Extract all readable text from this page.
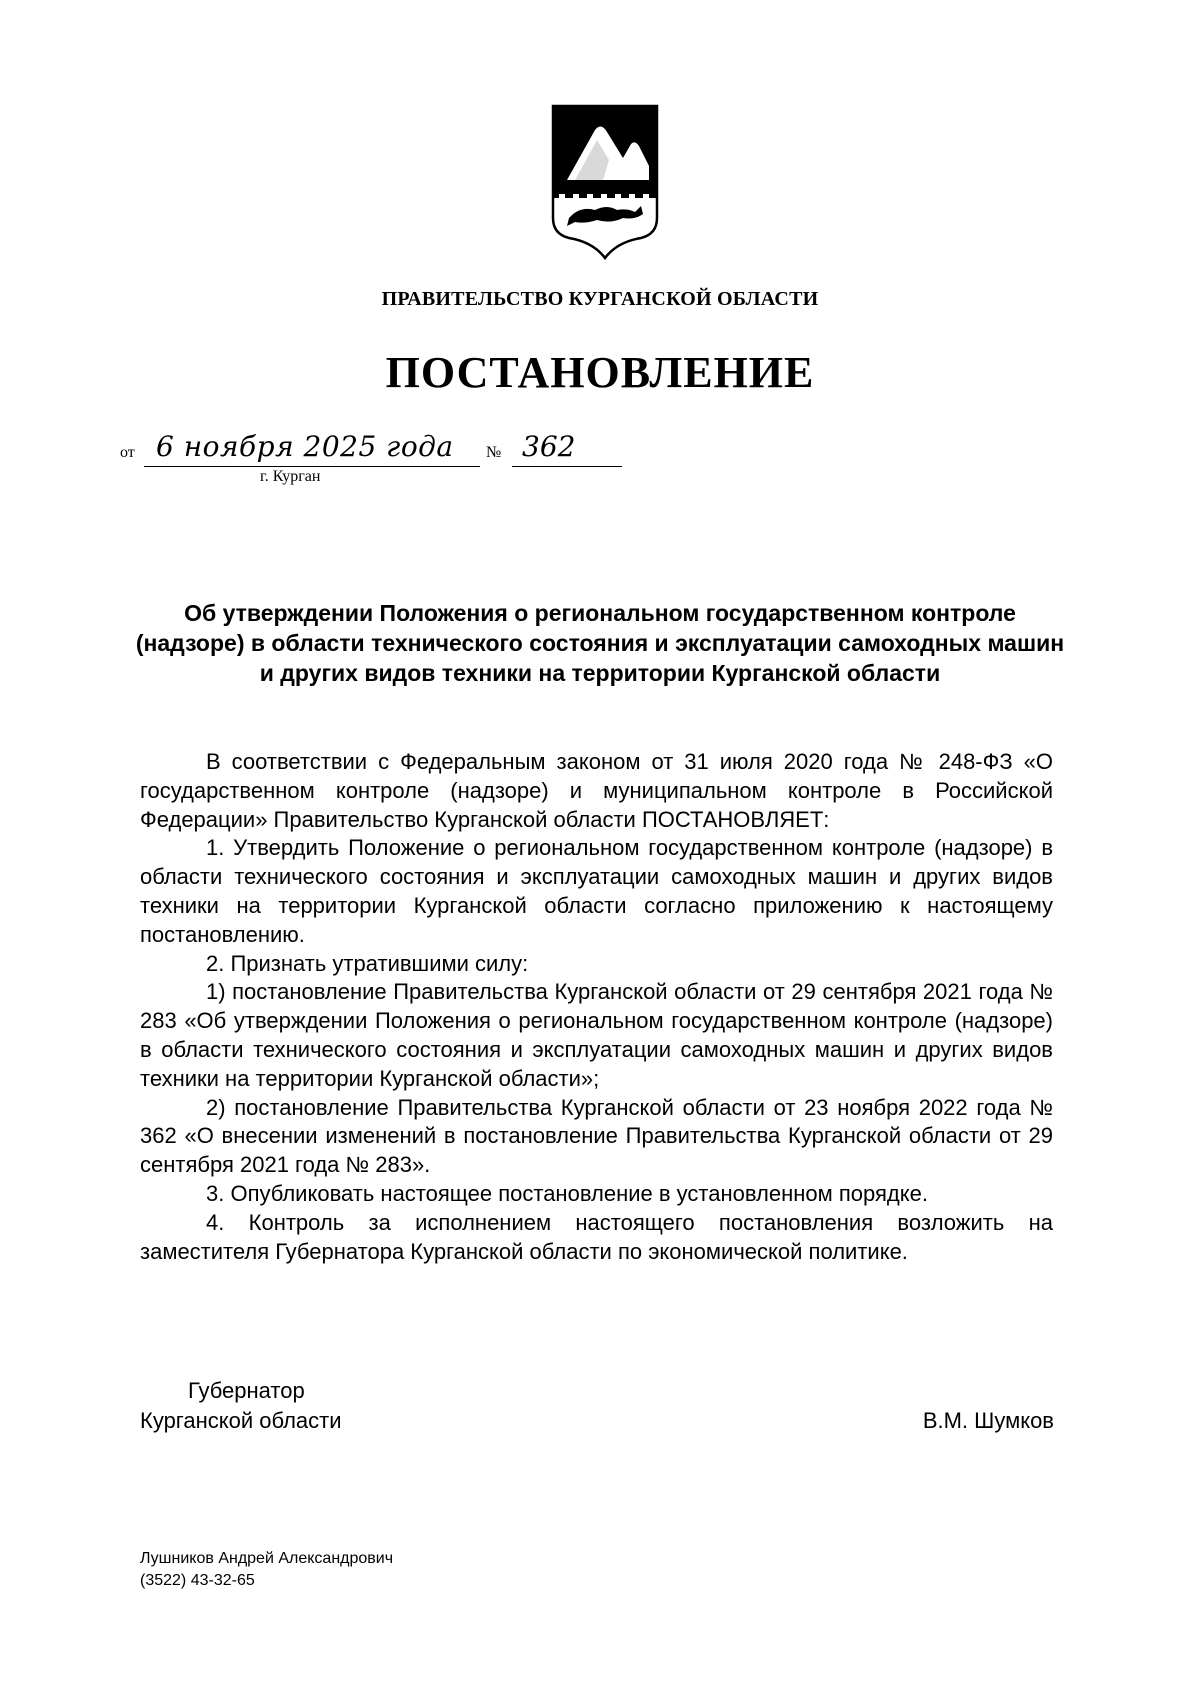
ПРАВИТЕЛЬСТВО КУРГАНСКОЙ ОБЛАСТИ
ПОСТАНОВЛЕНИЕ
от 6 ноября 2025 года № 362
г. Курган
Об утверждении Положения о региональном государственном контроле (надзоре) в области технического состояния и эксплуатации самоходных машин и других видов техники на территории Курганской области

В соответствии с Федеральным законом от 31 июля 2020 года № 248-ФЗ «О государственном контроле (надзоре) и муниципальном контроле в Российской Федерации» Правительство Курганской области ПОСТАНОВЛЯЕТ:

1. Утвердить Положение о региональном государственном контроле (надзоре) в области технического состояния и эксплуатации самоходных машин и других видов техники на территории Курганской области согласно приложению к настоящему постановлению.

2. Признать утратившими силу:

1) постановление Правительства Курганской области от 29 сентября 2021 года № 283 «Об утверждении Положения о региональном государственном контроле (надзоре) в области технического состояния и эксплуатации самоходных машин и других видов техники на территории Курганской области»;

2) постановление Правительства Курганской области от 23 ноября 2022 года № 362 «О внесении изменений в постановление Правительства Курганской области от 29 сентября 2021 года № 283».

3. Опубликовать настоящее постановление в установленном порядке.

4. Контроль за исполнением настоящего постановления возложить на заместителя Губернатора Курганской области по экономической политике.

Губернатор
Курганской области	В.М. Шумков
Лушников Андрей Александрович
(3522) 43-32-65
